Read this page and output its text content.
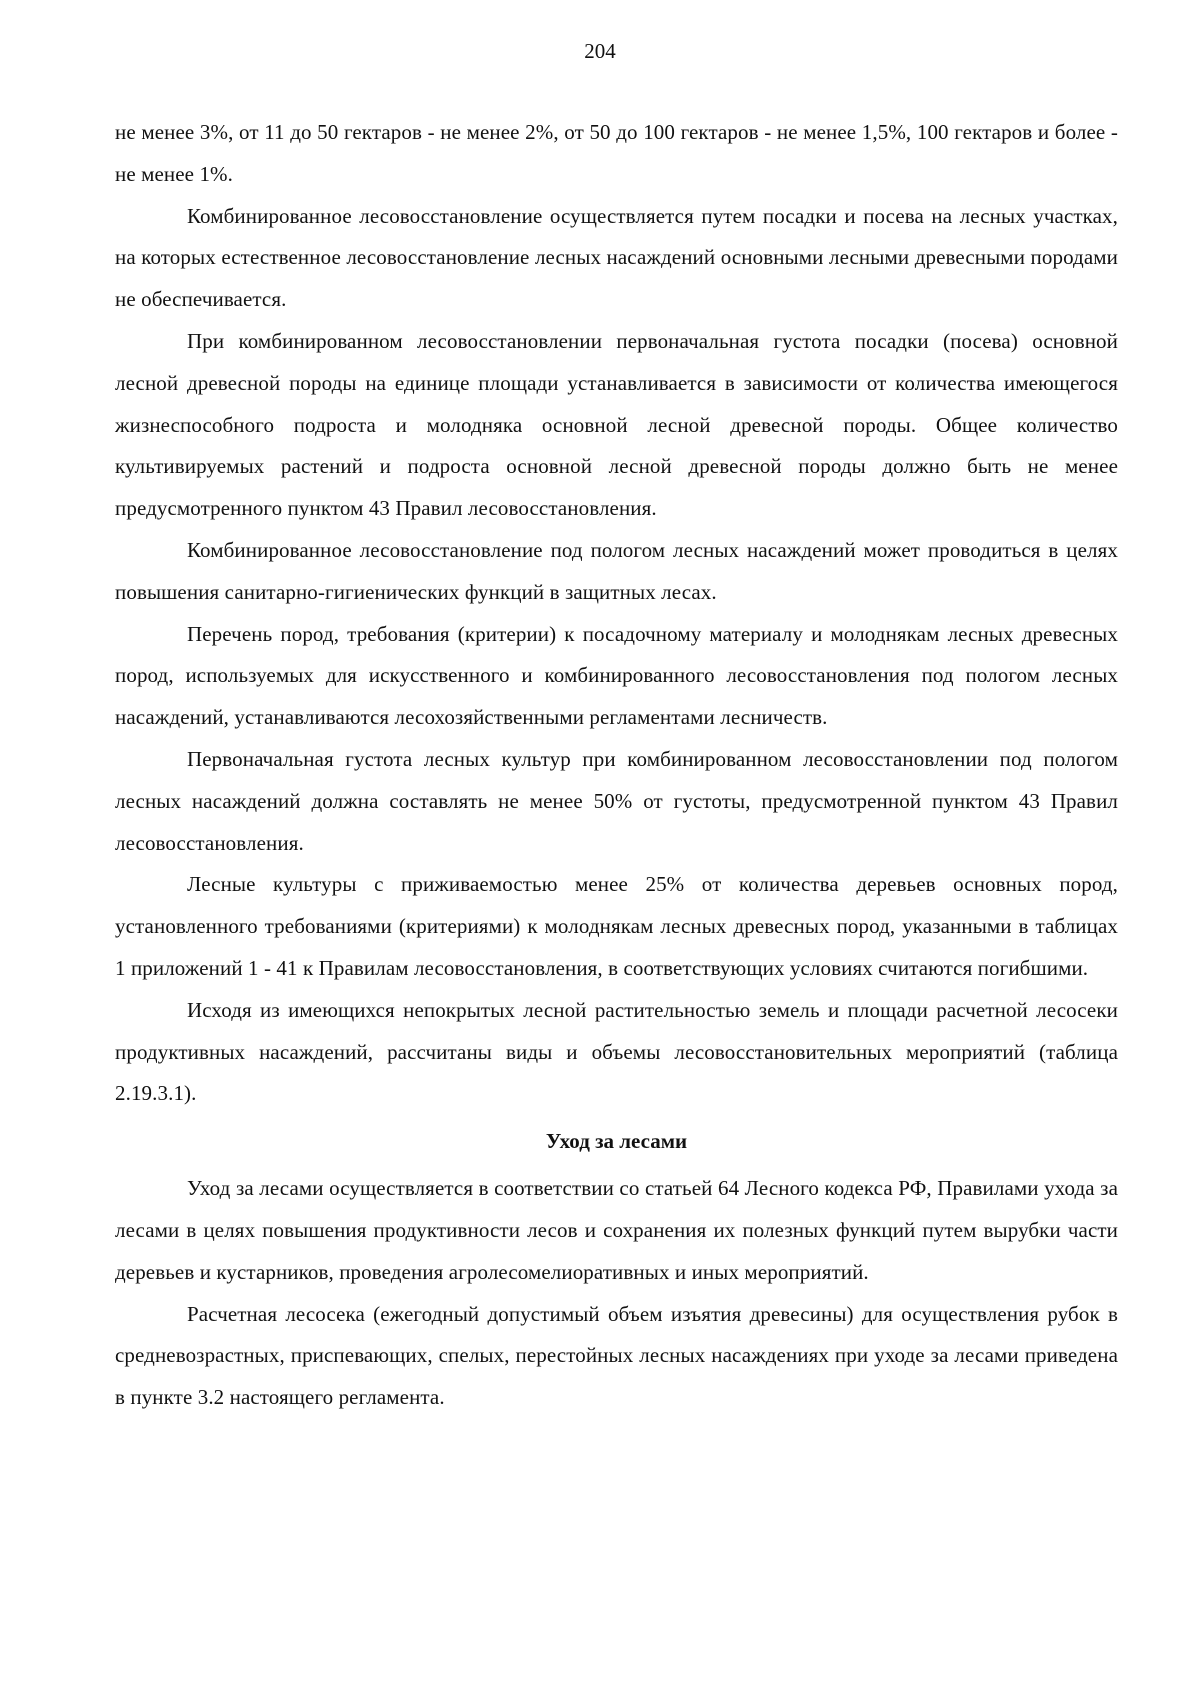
204

не менее 3%, от 11 до 50 гектаров - не менее 2%, от 50 до 100 гектаров - не менее 1,5%, 100 гектаров и более - не менее 1%.

Комбинированное лесовосстановление осуществляется путем посадки и посева на лесных участках, на которых естественное лесовосстановление лесных насаждений основными лесными древесными породами не обеспечивается.

При комбинированном лесовосстановлении первоначальная густота посадки (посева) основной лесной древесной породы на единице площади устанавливается в зависимости от количества имеющегося жизнеспособного подроста и молодняка основной лесной древесной породы. Общее количество культивируемых растений и подроста основной лесной древесной породы должно быть не менее предусмотренного пунктом 43 Правил лесовосстановления.

Комбинированное лесовосстановление под пологом лесных насаждений может проводиться в целях повышения санитарно-гигиенических функций в защитных лесах.

Перечень пород, требования (критерии) к посадочному материалу и молоднякам лесных древесных пород, используемых для искусственного и комбинированного лесовосстановления под пологом лесных насаждений, устанавливаются лесохозяйственными регламентами лесничеств.

Первоначальная густота лесных культур при комбинированном лесовосстановлении под пологом лесных насаждений должна составлять не менее 50% от густоты, предусмотренной пунктом 43 Правил лесовосстановления.

Лесные культуры с приживаемостью менее 25% от количества деревьев основных пород, установленного требованиями (критериями) к молоднякам лесных древесных пород, указанными в таблицах 1 приложений 1 - 41 к Правилам лесовосстановления, в соответствующих условиях считаются погибшими.

Исходя из имеющихся непокрытых лесной растительностью земель и площади расчетной лесосеки продуктивных насаждений, рассчитаны виды и объемы лесовосстановительных мероприятий (таблица 2.19.3.1).

Уход за лесами

Уход за лесами осуществляется в соответствии со статьей 64 Лесного кодекса РФ, Правилами ухода за лесами в целях повышения продуктивности лесов и сохранения их полезных функций путем вырубки части деревьев и кустарников, проведения агролесомелиоративных и иных мероприятий.

Расчетная лесосека (ежегодный допустимый объем изъятия древесины) для осуществления рубок в средневозрастных, приспевающих, спелых, перестойных лесных насаждениях при уходе за лесами приведена в пункте 3.2 настоящего регламента.
